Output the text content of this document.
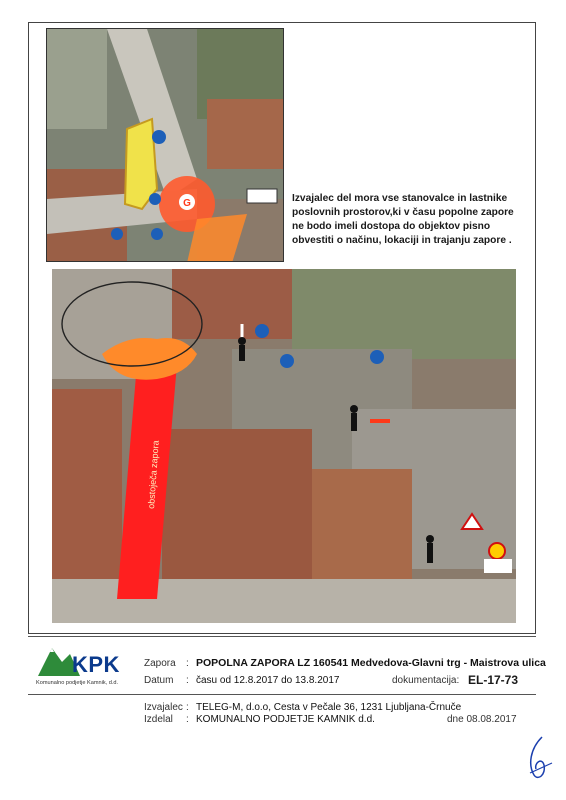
G	Izvajalec del mora vse stanovalce in lastnike poslovnih prostorov,ki v času popolne zapore ne bodo imeli dostopa do objektov pisno obvestiti o načinu, lokaciji in trajanju zapore .
obstoječa zapora
KPK
Komunalno podjetje Kamnik, d.d.
Zapora : POPOLNA ZAPORA LZ 160541 Medvedova-Glavni trg - Maistrova ulica
Datum : času od 12.8.2017 do 13.8.2017	dokumentacija: EL-17-73
Izvajalec : TELEG-M, d.o.o, Cesta v Pečale 36, 1231 Ljubljana-Črnuče
Izdelal : KOMUNALNO PODJETJE KAMNIK d.d.	dne 08.08.2017
